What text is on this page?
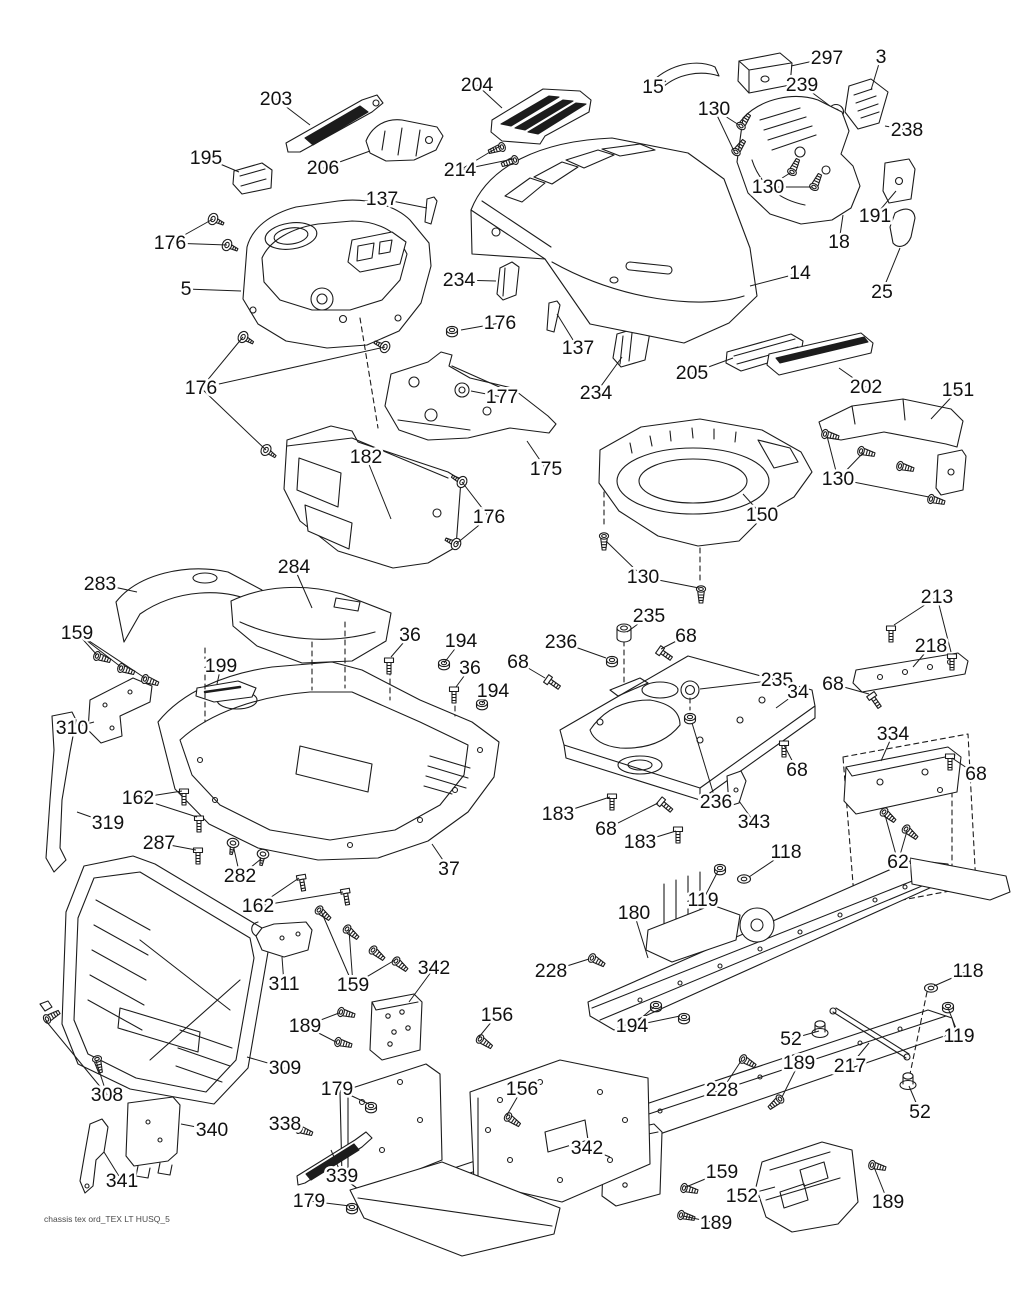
203
204
195	206	214
137
176
5	234
15
297 3
239
130
238
130
191
18
14
25
176
137
234
177
205
202	151
176
182
175
176
130
150
130
283
284
159
199
310
36 194
36
194
235
236	68
68
235
34
213
218
68
334
68	68
183
68
183
236
343
62
162
319
287
282	37
162
118
119
180
228
156	194
118
119
52
189 217
52
311 159
342
189
309
308
340
341
179
338
339
179
156
342
228
159
152
189
189
chassis tex ord_TEX LT HUSQ_5
